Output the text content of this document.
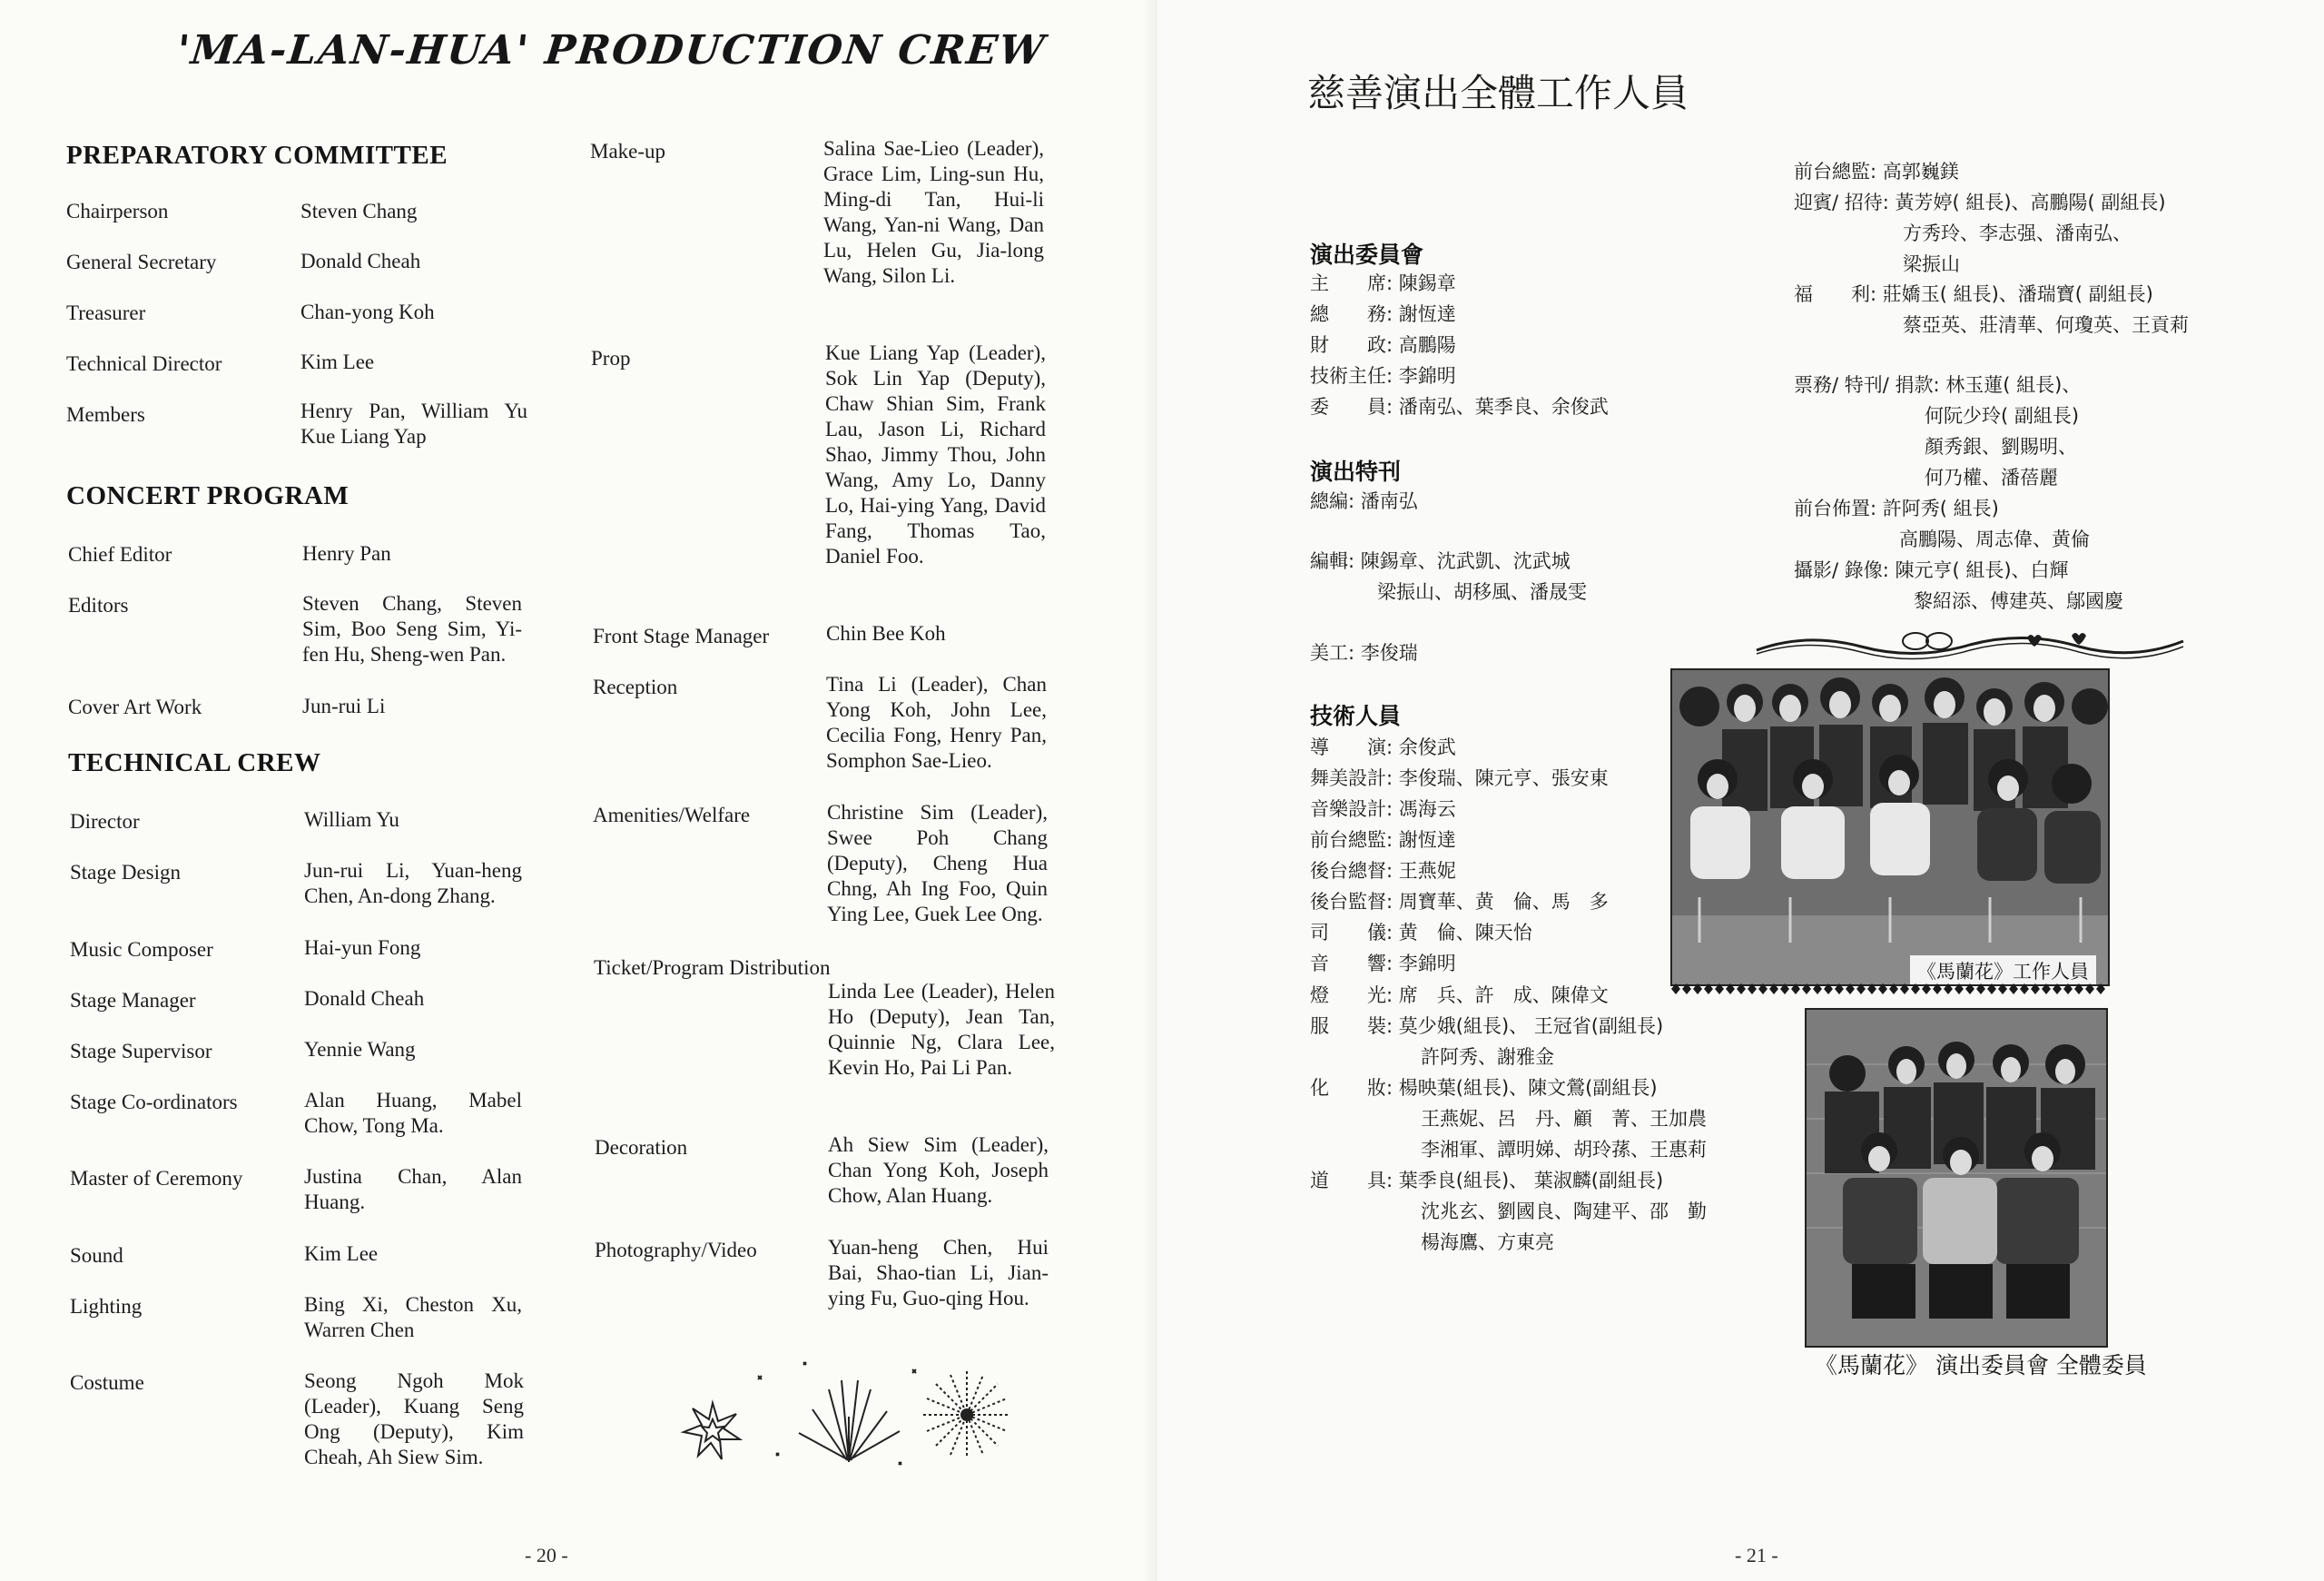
'MA-LAN-HUA' PRODUCTION CREW
PREPARATORY COMMITTEE
Chairperson	Steven Chang
General Secretary	Donald Cheah
Treasurer	Chan-yong Koh
Technical Director	Kim Lee
Members	Henry Pan, William Yu Kue Liang Yap
CONCERT PROGRAM
Chief Editor	Henry Pan
Editors	Steven Chang, Steven Sim, Boo Seng Sim, Yi-fen Hu, Sheng-wen Pan.
Cover Art Work	Jun-rui Li
TECHNICAL CREW
Director	William Yu
Stage Design	Jun-rui Li, Yuan-heng Chen, An-dong Zhang.
Music Composer	Hai-yun Fong
Stage Manager	Donald Cheah
Stage Supervisor	Yennie Wang
Stage Co-ordinators	Alan Huang, Mabel Chow, Tong Ma.
Master of Ceremony	Justina Chan, Alan Huang.
Sound	Kim Lee
Lighting	Bing Xi, Cheston Xu, Warren Chen
Costume	Seong Ngoh Mok (Leader), Kuang Seng Ong (Deputy), Kim Cheah, Ah Siew Sim.
Make-up	Salina Sae-Lieo (Leader), Grace Lim, Ling-sun Hu, Ming-di Tan, Hui-li Wang, Yan-ni Wang, Dan Lu, Helen Gu, Jia-long Wang, Silon Li.
Prop	Kue Liang Yap (Leader), Sok Lin Yap (Deputy), Chaw Shian Sim, Frank Lau, Jason Li, Richard Shao, Jimmy Thou, John Wang, Amy Lo, Danny Lo, Hai-ying Yang, David Fang, Thomas Tao, Daniel Foo.
Front Stage Manager	Chin Bee Koh
Reception	Tina Li (Leader), Chan Yong Koh, John Lee, Cecilia Fong, Henry Pan, Somphon Sae-Lieo.
Amenities/Welfare	Christine Sim (Leader), Swee Poh Chang (Deputy), Cheng Hua Chng, Ah Ing Foo, Quin Ying Lee, Guek Lee Ong.
Ticket/Program Distribution
Linda Lee (Leader), Helen Ho (Deputy), Jean Tan, Quinnie Ng, Clara Lee, Kevin Ho, Pai Li Pan.
Decoration	Ah Siew Sim (Leader), Chan Yong Koh, Joseph Chow, Alan Huang.
Photography/Video	Yuan-heng Chen, Hui Bai, Shao-tian Li, Jian-ying Fu, Guo-qing Hou.
- 20 -
慈善演出全體工作人員
演出委員會
主　　席: 陳錫章
總　　務: 謝恆達
財　　政: 高鵬陽
技術主任: 李錦明
委　　員: 潘南弘、葉季良、余俊武
演出特刊
總編: 潘南弘
編輯: 陳錫章、沈武凱、沈武城
梁振山、胡移風、潘晟雯
美工: 李俊瑞
技術人員
導　　演: 余俊武
舞美設計: 李俊瑞、陳元亨、張安東
音樂設計: 馮海云
前台總監: 謝恆達
後台總督: 王燕妮
後台監督: 周寶華、黄　倫、馬　多
司　　儀: 黄　倫、陳天怡
音　　響: 李錦明
燈　　光: 席　兵、許　成、陳偉文
服　　裝: 莫少娥(組長)、 王冠省(副組長)
許阿秀、謝雅金
化　　妝: 楊映葉(組長)、陳文鶯(副組長)
王燕妮、呂　丹、顧　菁、王加農
李湘軍、譚明娣、胡玲蓀、王惠莉
道　　具: 葉季良(組長)、 葉淑麟(副組長)
沈兆玄、劉國良、陶建平、邵　勤
楊海鷹、方東亮
前台總監: 高郭巍鎂
迎賓/ 招待: 黃芳婷( 組長)、高鵬陽( 副組長)
方秀玲、李志强、潘南弘、
梁振山
福　　利: 莊嬌玉( 組長)、潘瑞寶( 副組長)
蔡亞英、莊清華、何瓊英、王貢莉
票務/ 特刊/ 捐款: 林玉蓮( 組長)、
何阮少玲( 副組長)
顏秀銀、劉賜明、
何乃權、潘蓓麗
前台佈置: 許阿秀( 組長)
高鵬陽、周志偉、黄倫
攝影/ 錄像: 陳元亨( 組長)、白輝
黎紹添、傅建英、鄔國慶
《馬蘭花》工作人員
《馬蘭花》 演出委員會 全體委員
- 21 -
